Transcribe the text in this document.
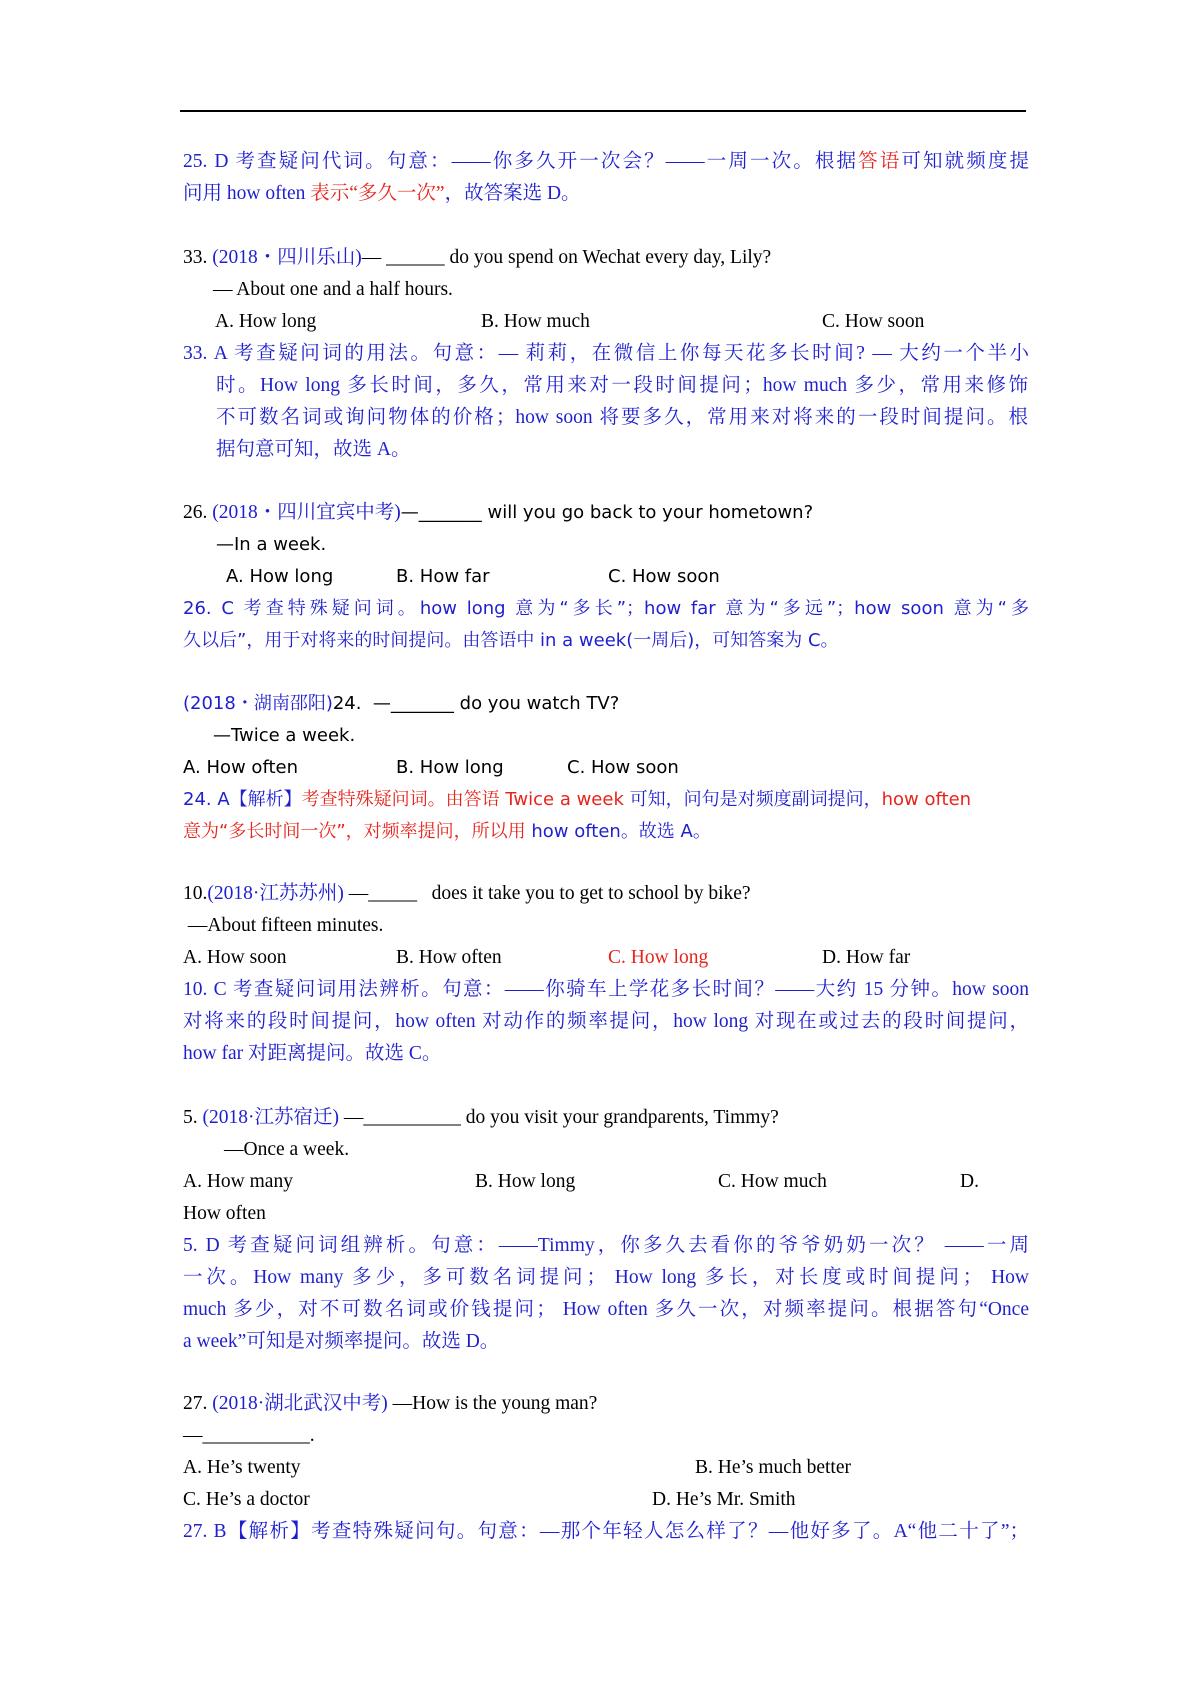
25. D 考查疑问代词。句意：——你多久开一次会？——一周一次。根据答语可知就频度提
问用 how often 表示“多久一次”，故答案选 D。
33. (2018・四川乐山)— ______ do you spend on Wechat every day, Lily?
— About one and a half hours.
A. How long	B. How much	C. How soon
33. A 考查疑问词的用法。句意：— 莉莉，在微信上你每天花多长时间? — 大约一个半小
时。How long 多长时间，多久，常用来对一段时间提问；how much 多少，常用来修饰
不可数名词或询问物体的价格；how soon 将要多久，常用来对将来的一段时间提问。根
据句意可知，故选 A。
26. (2018・四川宜宾中考)—_______ will you go back to your hometown?
—In a week.
A. How long	B. How far	C. How soon
26. C 考查特殊疑问词。how long 意为“多长”；how far 意为“多远”；how soon 意为“多
久以后”，用于对将来的时间提问。由答语中 in a week(一周后)，可知答案为 C。
(2018・湖南邵阳)24.  —_______ do you watch TV?
—Twice a week.
A. How often	B. How long	C. How soon
24. A【解析】考查特殊疑问词。由答语 Twice a week 可知，问句是对频度副词提问，how often
意为“多长时间一次”，对频率提问，所以用 how often。故选 A。
10.(2018·江苏苏州) —_____   does it take you to get to school by bike?
—About fifteen minutes.
A. How soon	B. How often	C. How long	D. How far
10. C 考查疑问词用法辨析。句意：——你骑车上学花多长时间？——大约 15 分钟。how soon
对将来的段时间提问，how often 对动作的频率提问，how long 对现在或过去的段时间提问，
how far 对距离提问。故选 C。
5. (2018·江苏宿迁) —__________ do you visit your grandparents, Timmy?
—Once a week.
A. How many	B. How long	C. How much	D.
How often
5. D 考查疑问词组辨析。句意：——Timmy，你多久去看你的爷爷奶奶一次？ ——一周
一次。How many 多少，多可数名词提问； How long 多长，对长度或时间提问； How
much 多少，对不可数名词或价钱提问； How often 多久一次，对频率提问。根据答句“Once
a week”可知是对频率提问。故选 D。
27. (2018·湖北武汉中考) —How is the young man?
—___________.
A. He’s twenty	B. He’s much better
C. He’s a doctor	D. He’s Mr. Smith
27. B【解析】考查特殊疑问句。句意：—那个年轻人怎么样了？—他好多了。A“他二十了”；
